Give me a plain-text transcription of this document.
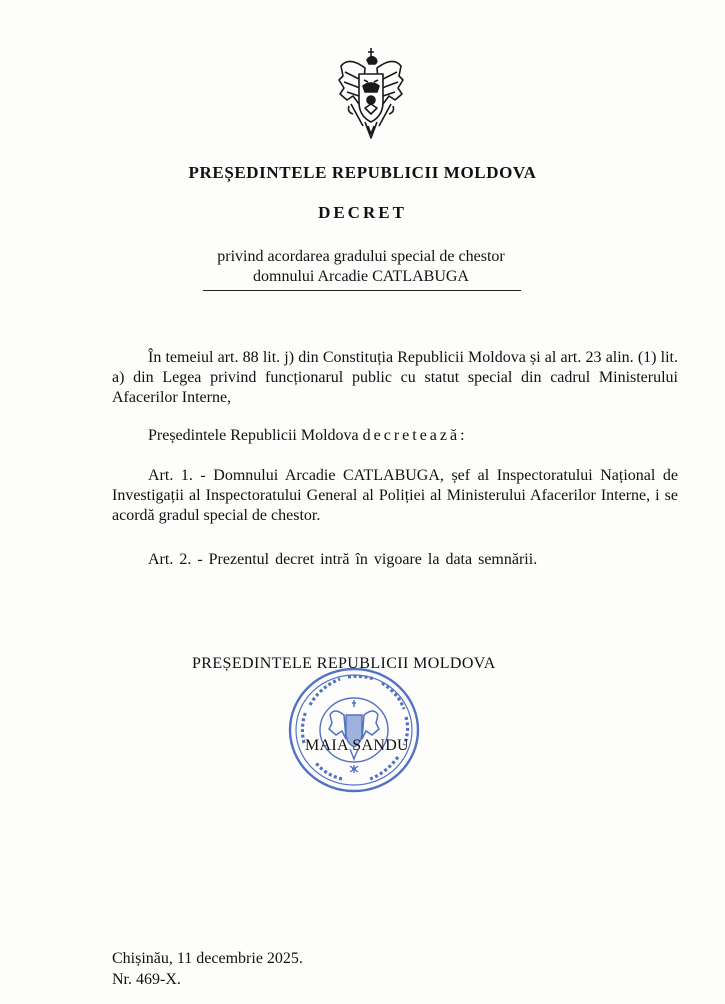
PREȘEDINTELE REPUBLICII MOLDOVA
DECRET
privind acordarea gradului special de chestor
domnului Arcadie CATLABUGA
În temeiul art. 88 lit. j) din Constituția Republicii Moldova și al art. 23 alin. (1) lit. a) din Legea privind funcționarul public cu statut special din cadrul Ministerului Afacerilor Interne,
Președintele Republicii Moldova decretează:
Art. 1. - Domnului Arcadie CATLABUGA, șef al Inspectoratului Național de Investigații al Inspectoratului General al Poliției al Ministerului Afacerilor Interne, i se acordă gradul special de chestor.
Art. 2. - Prezentul decret intră în vigoare la data semnării.
PREȘEDINTELE REPUBLICII MOLDOVA
MAIA SANDU
Chișinău, 11 decembrie 2025.
Nr. 469-X.
